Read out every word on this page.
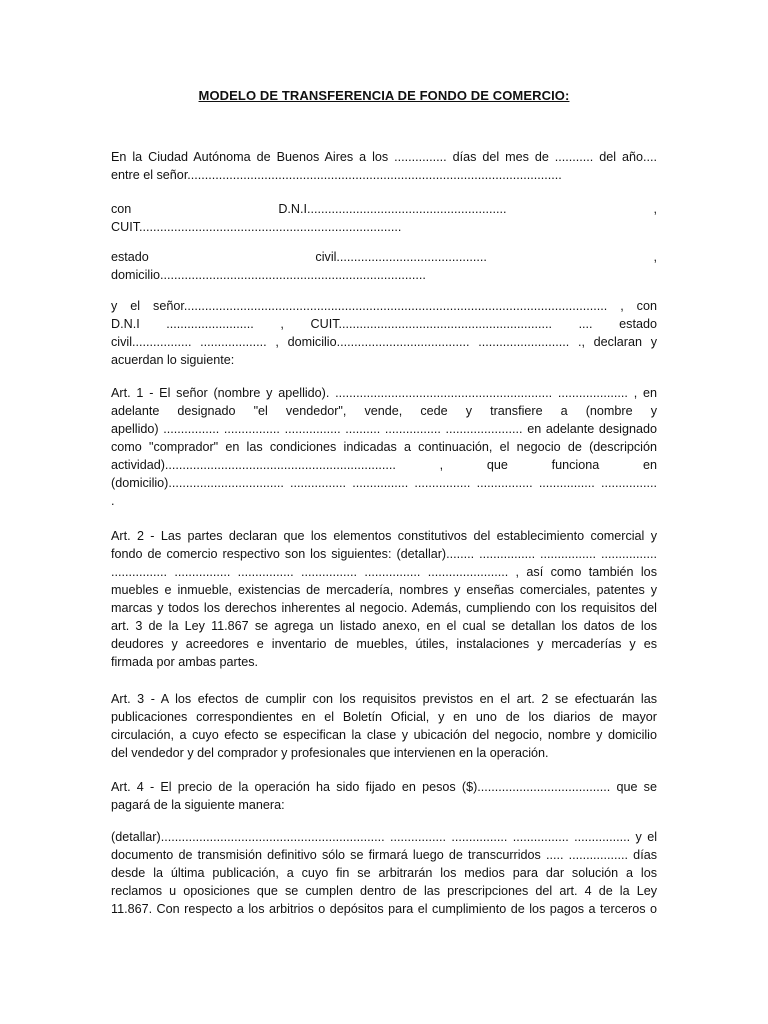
MODELO DE TRANSFERENCIA DE FONDO DE COMERCIO:
En la Ciudad Autónoma de Buenos Aires a los ............... días del mes de ........... del año....
entre el señor...........................................................................................................
con D.N.I......................................................... ,
CUIT...........................................................................
estado civil........................................... ,
domicilio............................................................................
y el señor......................................................................................................................... , con
D.N.I ......................... , CUIT............................................................. .... estado
civil................. ................... , domicilio...................................... .......................... ., declaran y
acuerdan lo siguiente:
Art. 1 - El señor (nombre y apellido). .............................................................. .................... , en
adelante designado "el vendedor", vende, cede y transfiere a (nombre y
apellido) ................ ................ ................ .......... ................ ...................... en adelante designado
como "comprador" en las condiciones indicadas a continuación, el negocio de (descripción
actividad).................................................................. , que funciona en
(domicilio)................................. ................ ................ ................ ................ ................ ................
.
Art. 2 - Las partes declaran que los elementos constitutivos del establecimiento comercial y
fondo de comercio respectivo son los siguientes: (detallar)........ ................ ................ ................
................ ................ ................ ................ ................ ....................... , así como también los
muebles e inmueble, existencias de mercadería, nombres y enseñas comerciales, patentes y
marcas y todos los derechos inherentes al negocio. Además, cumpliendo con los requisitos del
art. 3 de la Ley 11.867 se agrega un listado anexo, en el cual se detallan los datos de los
deudores y acreedores e inventario de muebles, útiles, instalaciones y mercaderías y es
firmada por ambas partes.
Art. 3 - A los efectos de cumplir con los requisitos previstos en el art. 2 se efectuarán las
publicaciones correspondientes en el Boletín Oficial, y en uno de los diarios de mayor
circulación, a cuyo efecto se especifican la clase y ubicación del negocio, nombre y domicilio
del vendedor y del comprador y profesionales que intervienen en la operación.
Art. 4 - El precio de la operación ha sido fijado en pesos ($)...................................... que se
pagará de la siguiente manera:
(detallar)................................................................ ................ ................ ................ ................ y el
documento de transmisión definitivo sólo se firmará luego de transcurridos ..... ................. días
desde la última publicación, a cuyo fin se arbitrarán los medios para dar solución a los
reclamos u oposiciones que se cumplen dentro de las prescripciones del art. 4 de la Ley
11.867. Con respecto a los arbitrios o depósitos para el cumplimiento de los pagos a terceros o
